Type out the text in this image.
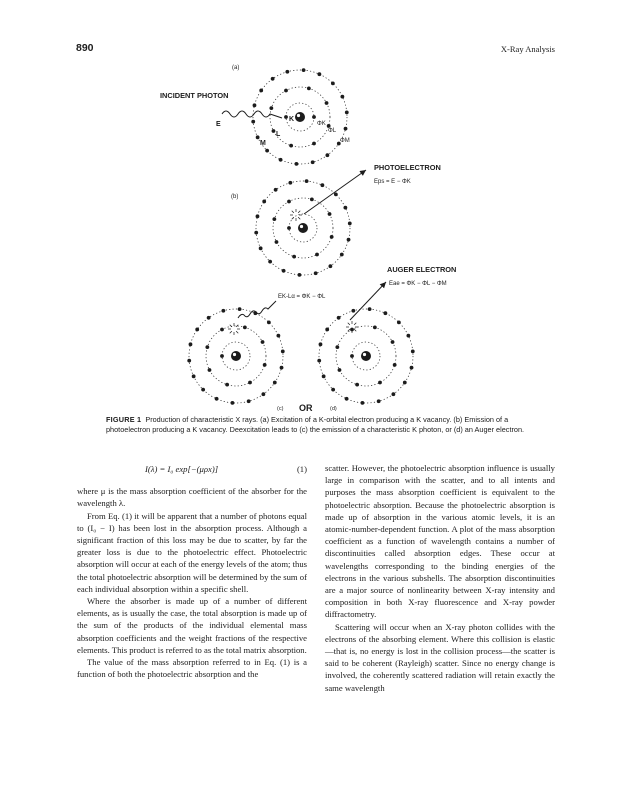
890	X-Ray Analysis
(a)
INCIDENT PHOTON
E
K
L
M
ΦK
ΦL
ΦM
(b)
PHOTOELECTRON
Eps = E − ΦK
AUGER ELECTRON
Eae = ΦK − ΦL − ΦM
EK-Lα = ΦK − ΦL
(c) OR	(d)
FIGURE 1 Production of characteristic X rays. (a) Excitation of a K-orbital electron producing a K vacancy. (b) Emission of a photoelectron producing a K vacancy. Deexcitation leads to (c) the emission of a characteristic K photon, or (d) an Auger electron.
I(λ) = I₀ exp[−(μρx)]	(1)

where μ is the mass absorption coefficient of the absorber for the wavelength λ.

From Eq. (1) it will be apparent that a number of photons equal to (I₀ − I) has been lost in the absorption process. Although a significant fraction of this loss may be due to scatter, by far the greater loss is due to the photoelectric effect. Photoelectric absorption will occur at each of the energy levels of the atom; thus the total photoelectric absorption will be determined by the sum of each individual absorption within a specific shell.

Where the absorber is made up of a number of different elements, as is usually the case, the total absorption is made up of the sum of the products of the individual elemental mass absorption coefficients and the weight fractions of the respective elements. This product is referred to as the total matrix absorption.

The value of the mass absorption referred to in Eq. (1) is a function of both the photoelectric absorption and the

scatter. However, the photoelectric absorption influence is usually large in comparison with the scatter, and to all intents and purposes the mass absorption coefficient is equivalent to the photoelectric absorption. Because the photoelectric absorption is made up of absorption in the various atomic levels, it is an atomic-number-dependent function. A plot of the mass absorption coefficient as a function of wavelength contains a number of discontinuities called absorption edges. These occur at wavelengths corresponding to the binding energies of the electrons in the various subshells. The absorption discontinuities are a major source of nonlinearity between X-ray intensity and composition in both X-ray fluorescence and X-ray powder diffractometry.

Scattering will occur when an X-ray photon collides with the electrons of the absorbing element. Where this collision is elastic—that is, no energy is lost in the collision process—the scatter is said to be coherent (Rayleigh) scatter. Since no energy change is involved, the coherently scattered radiation will retain exactly the same wavelength
